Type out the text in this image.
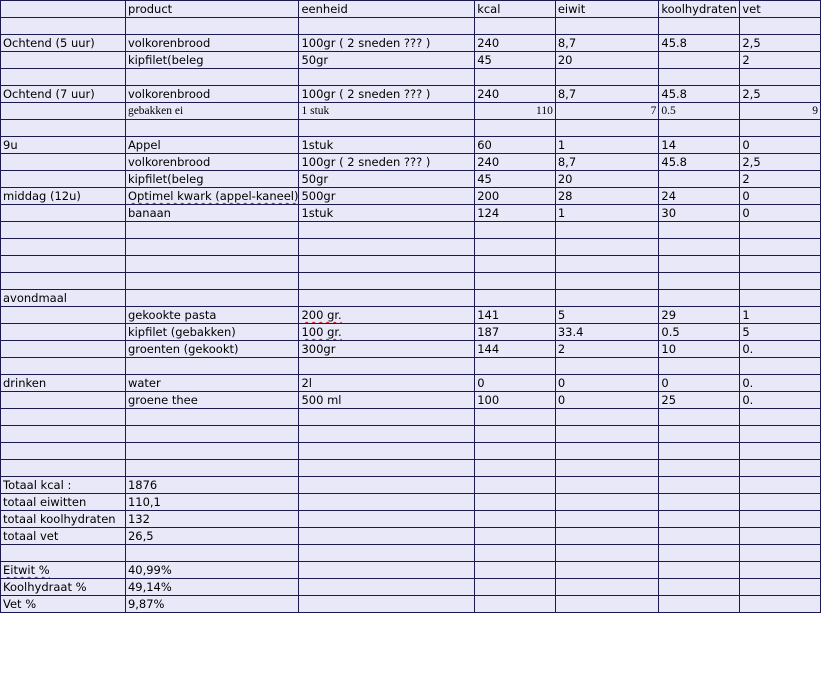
	product	eenheid	kcal	eiwit	koolhydraten	vet

Ochtend (5 uur)	volkorenbrood	100gr ( 2 sneden ??? )	240	8,7	45.8	2,5
	kipfilet(beleg	50gr	45	20		2

Ochtend (7 uur)	volkorenbrood	100gr ( 2 sneden ??? )	240	8,7	45.8	2,5
	gebakken ei	1 stuk	110	7	0.5	9

9u	Appel	1stuk	60	1	14	0
	volkorenbrood	100gr ( 2 sneden ??? )	240	8,7	45.8	2,5
	kipfilet(beleg	50gr	45	20		2
middag (12u)	Optimel kwark (appel-kaneel)	500gr	200	28	24	0
	banaan	1stuk	124	1	30	0

avondmaal						
	gekookte pasta	200 gr.	141	5	29	1
	kipfilet (gebakken)	100 gr.	187	33.4	0.5	5
	groenten (gekookt)	300gr	144	2	10	0.

drinken	water	2l	0	0	0	0.
	groene thee	500 ml	100	0	25	0.

Totaal kcal :	1876					
totaal eiwitten	110,1					
totaal koolhydraten	132					
totaal vet	26,5					

Eitwit %	40,99%					
Koolhydraat %	49,14%					
Vet %	9,87%					
